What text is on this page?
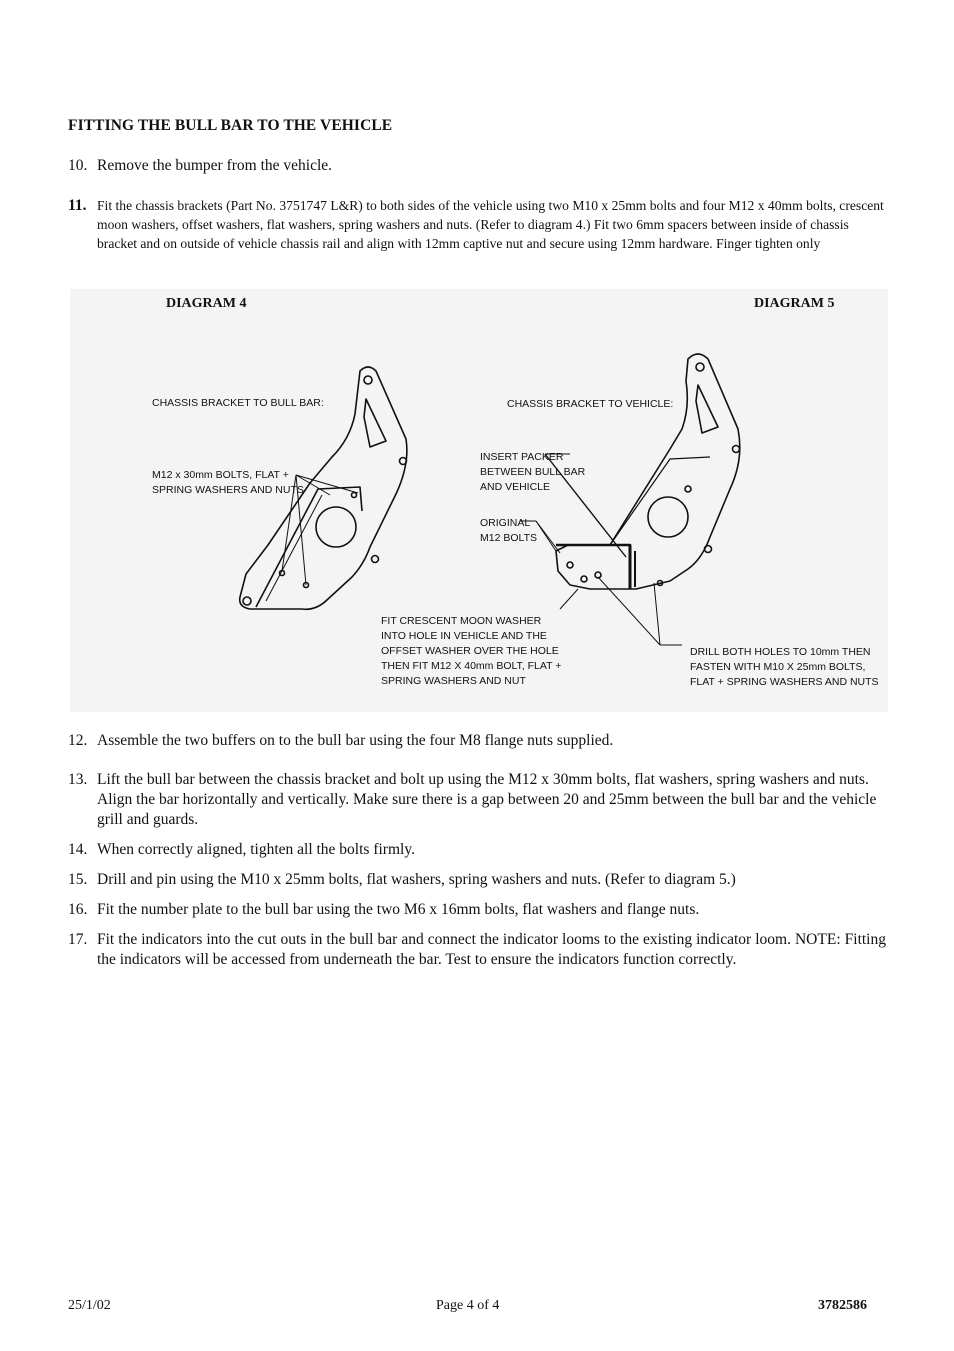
FITTING THE BULL BAR TO THE VEHICLE
10. Remove the bumper from the vehicle.
11. Fit the chassis brackets (Part No. 3751747 L&R) to both sides of the vehicle using two M10 x 25mm bolts and four M12 x 40mm bolts, crescent moon washers, offset washers, flat washers, spring washers and nuts. (Refer to diagram 4.) Fit two 6mm spacers between inside of chassis bracket and on outside of vehicle chassis rail and align with 12mm captive nut and secure using 12mm hardware. Finger tighten only
DIAGRAM 4	DIAGRAM 5
CHASSIS BRACKET TO BULL BAR:
M12 x 30mm BOLTS, FLAT +
SPRING WASHERS AND NUTS
CHASSIS BRACKET TO VEHICLE:
INSERT PACKER
BETWEEN BULL BAR
AND VEHICLE
ORIGINAL
M12 BOLTS
FIT CRESCENT MOON WASHER
INTO HOLE IN VEHICLE AND THE
OFFSET WASHER OVER THE HOLE
THEN FIT M12 X 40mm BOLT, FLAT +
SPRING WASHERS AND NUT
DRILL BOTH HOLES TO 10mm THEN
FASTEN WITH M10 X 25mm BOLTS,
FLAT + SPRING WASHERS AND NUTS
12. Assemble the two buffers on to the bull bar using the four M8 flange nuts supplied.
13. Lift the bull bar between the chassis bracket and bolt up using the M12 x 30mm bolts, flat washers, spring washers and nuts. Align the bar horizontally and vertically. Make sure there is a gap between 20 and 25mm between the bull bar and the vehicle grill and guards.
14. When correctly aligned, tighten all the bolts firmly.
15. Drill and pin using the M10 x 25mm bolts, flat washers, spring washers and nuts. (Refer to diagram 5.)
16. Fit the number plate to the bull bar using the two M6 x 16mm bolts, flat washers and flange nuts.
17. Fit the indicators into the cut outs in the bull bar and connect the indicator looms to the existing indicator loom. NOTE: Fitting the indicators will be accessed from underneath the bar. Test to ensure the indicators function correctly.
25/1/02	Page 4 of 4	3782586
